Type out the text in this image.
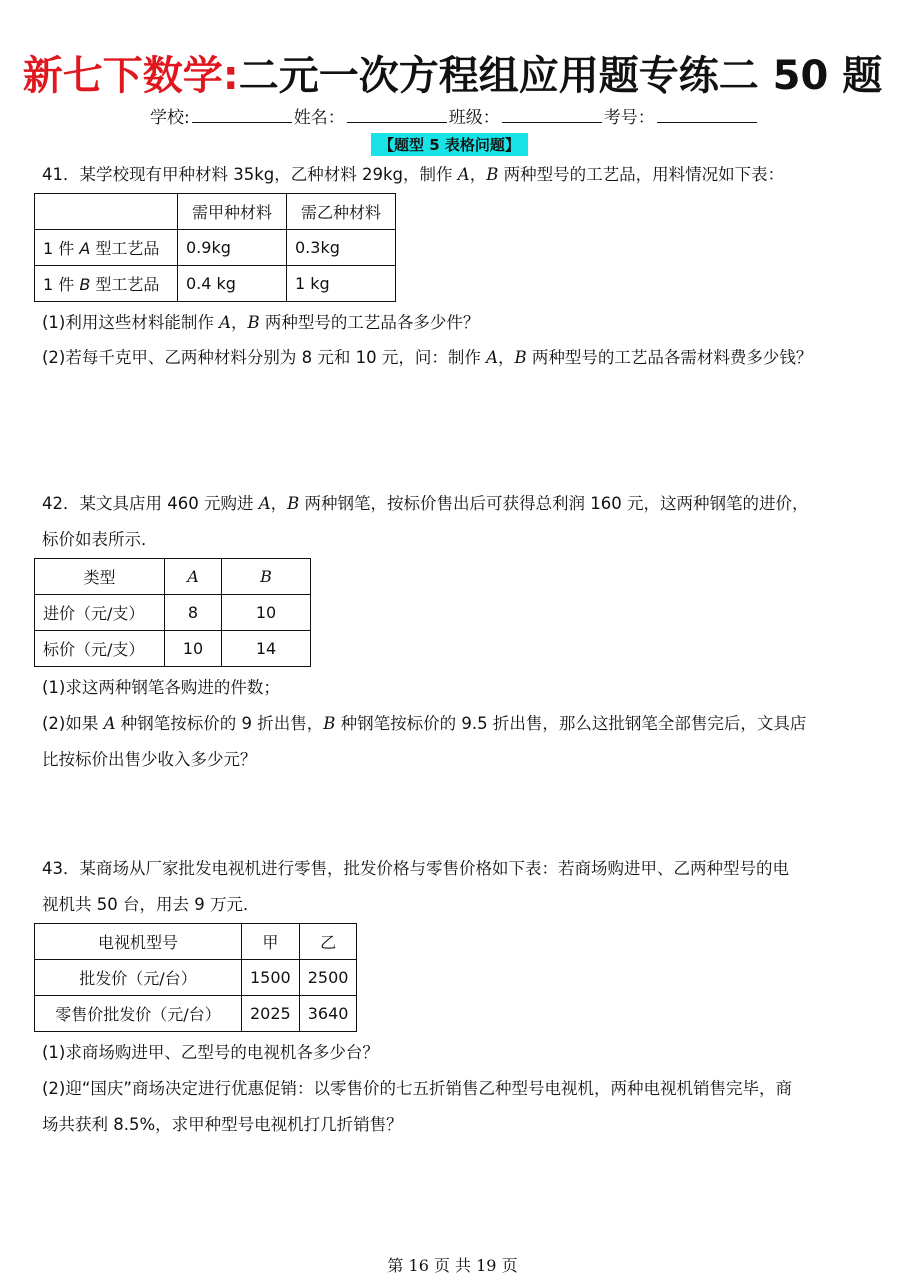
新七下数学:二元一次方程组应用题专练二 50 题
学校:	姓名：	班级：	考号：
【题型 5 表格问题】
41．某学校现有甲种材料 35kg，乙种材料 29kg，制作 A，B 两种型号的工艺品，用料情况如下表：
	需甲种材料	需乙种材料
1 件 A 型工艺品	0.9kg	0.3kg
1 件 B 型工艺品	0.4 kg	1 kg
(1)利用这些材料能制作 A，B 两种型号的工艺品各多少件？
(2)若每千克甲、乙两种材料分别为 8 元和 10 元，问：制作 A，B 两种型号的工艺品各需材料费多少钱？
42．某文具店用 460 元购进 A，B 两种钢笔，按标价售出后可获得总利润 160 元，这两种钢笔的进价，
标价如表所示．
类型	A	B
进价（元/支）	8	10
标价（元/支）	10	14
(1)求这两种钢笔各购进的件数；
(2)如果 A 种钢笔按标价的 9 折出售，B 种钢笔按标价的 9.5 折出售，那么这批钢笔全部售完后，文具店
比按标价出售少收入多少元？
43．某商场从厂家批发电视机进行零售，批发价格与零售价格如下表：若商场购进甲、乙两种型号的电
视机共 50 台，用去 9 万元．
电视机型号	甲	乙
批发价（元/台）	1500	2500
零售价批发价（元/台）	2025	3640
(1)求商场购进甲、乙型号的电视机各多少台？
(2)迎“国庆”商场决定进行优惠促销：以零售价的七五折销售乙种型号电视机，两种电视机销售完毕，商
场共获利 8.5%，求甲种型号电视机打几折销售？
第 16 页 共 19 页
